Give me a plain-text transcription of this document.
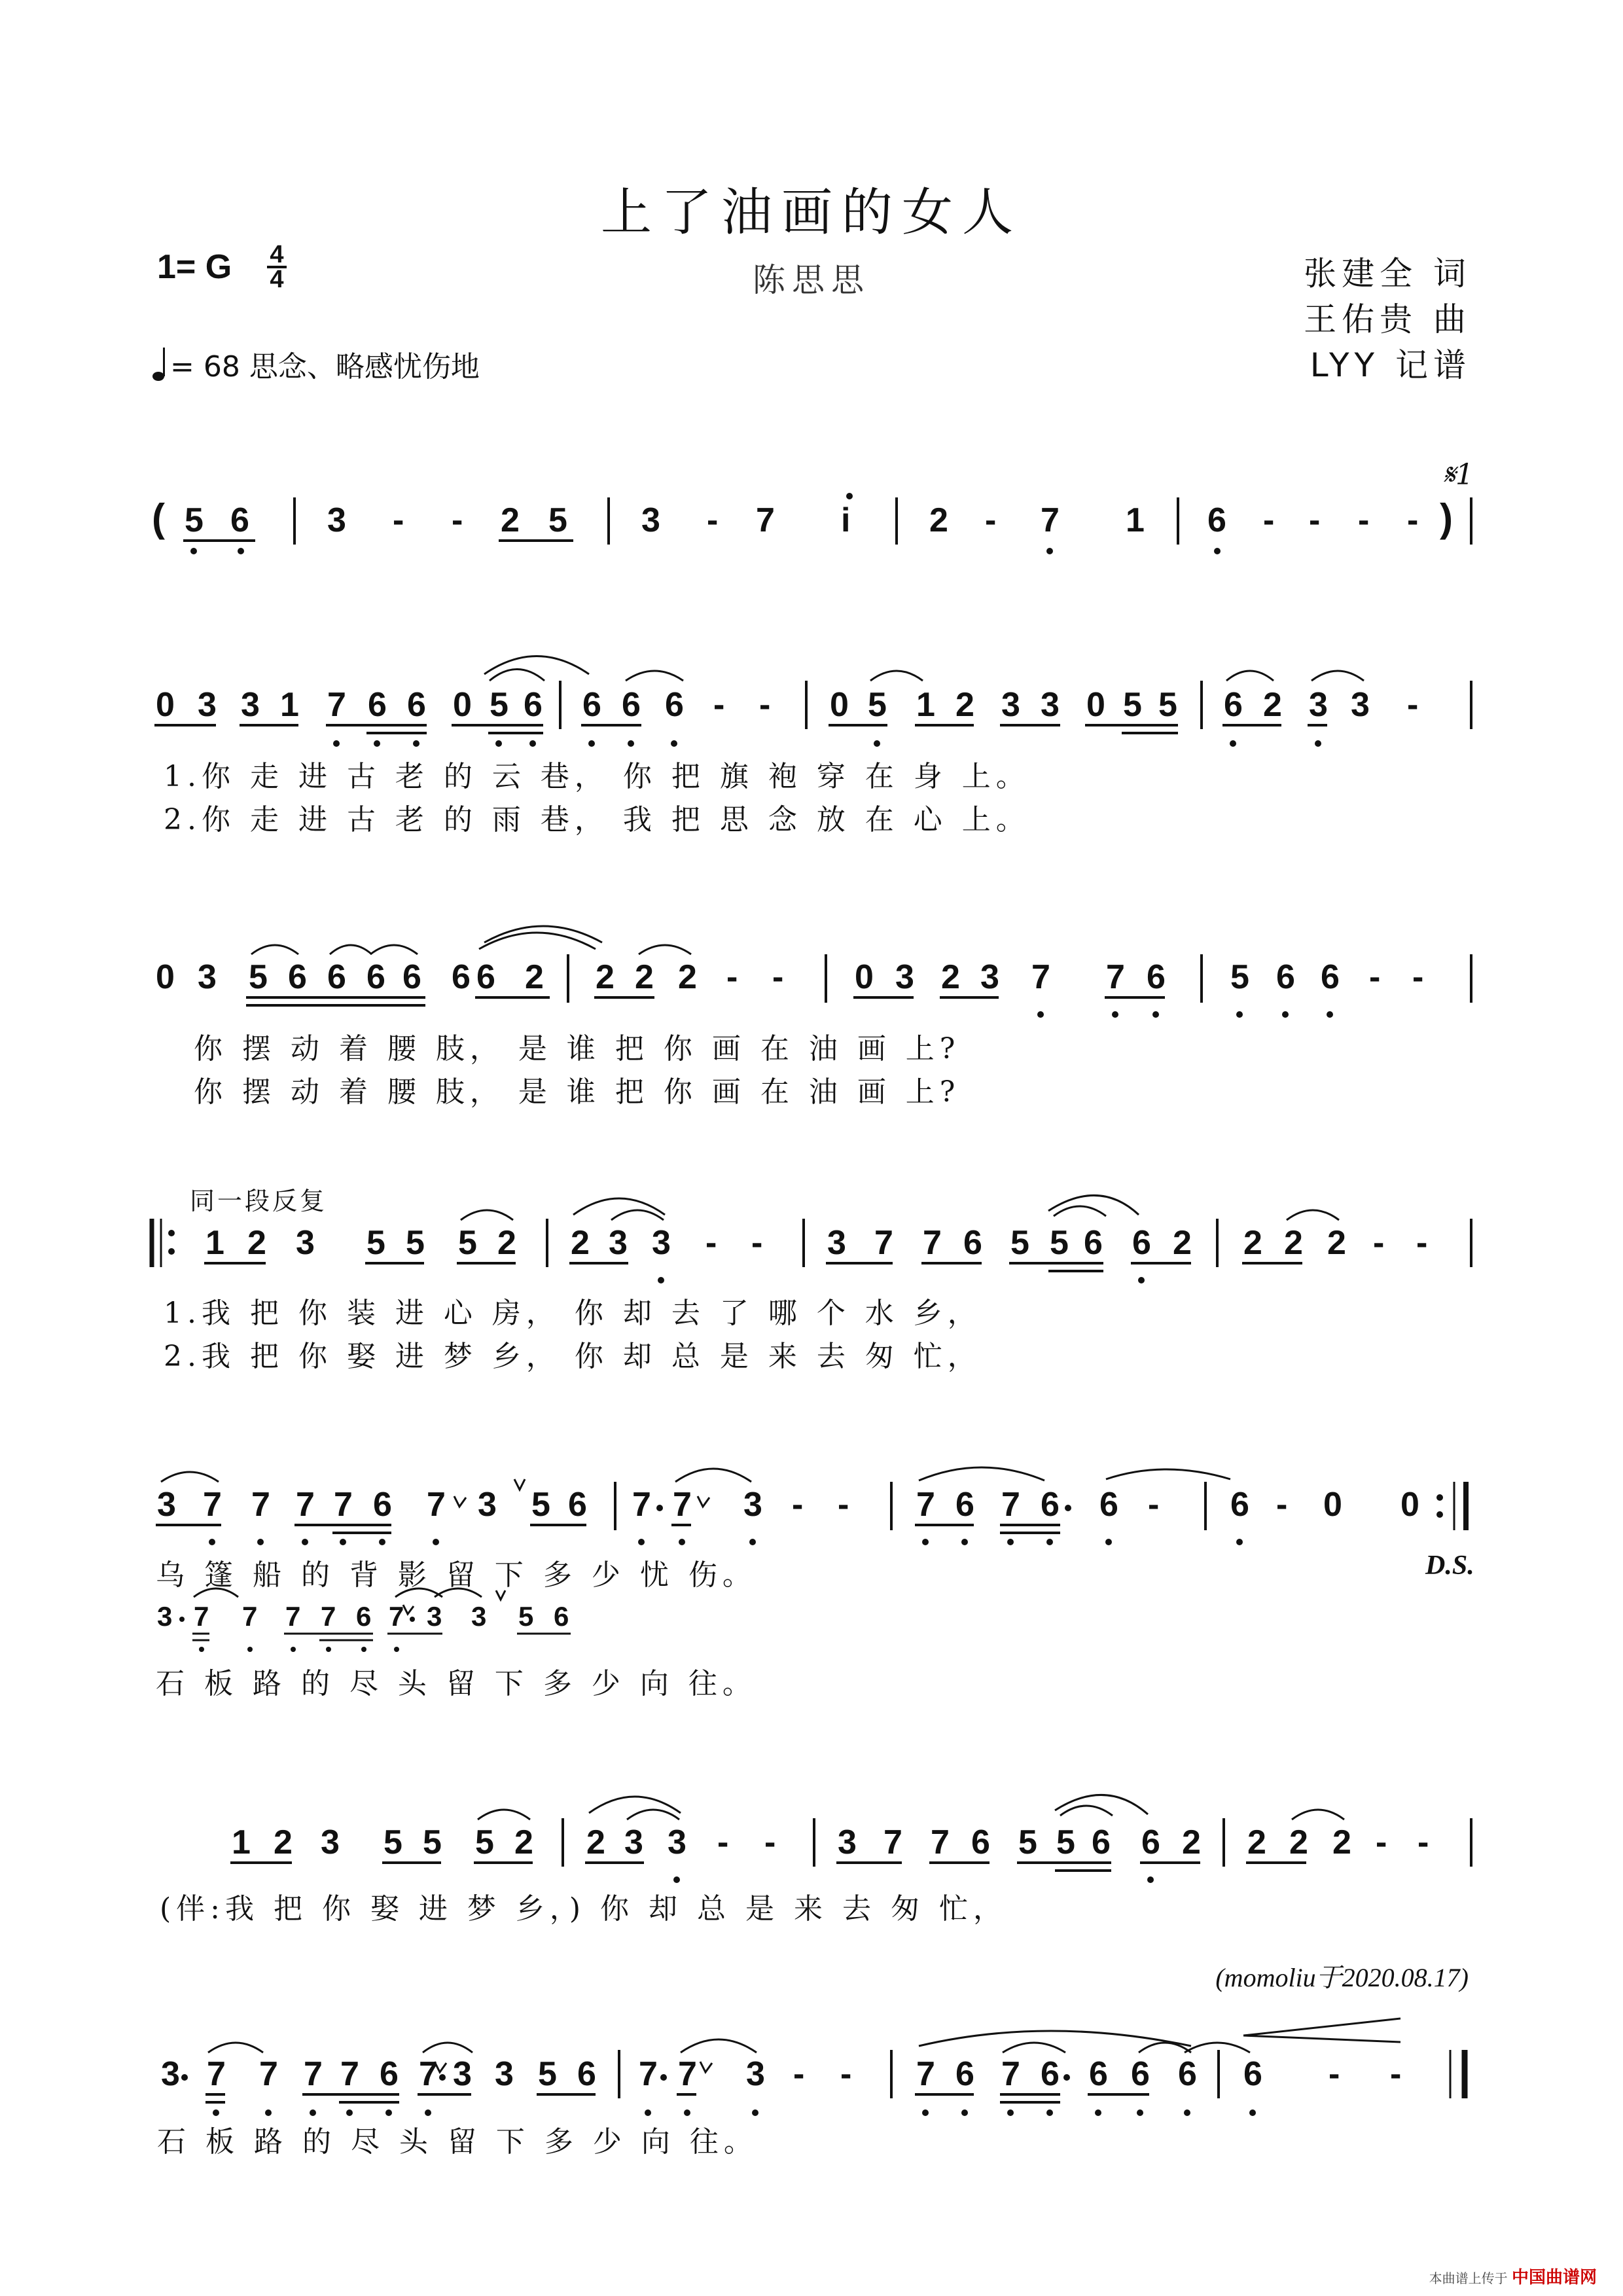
上了油画的女人
陈思思
1= G 4
4	张建全 词
王佑贵 曲
LYY 记谱
= 68 思念、略感忧伤地
( 5 6 3 - - 2 5 3 - 7 i 2 - 7 1 6 - - - - )
0 3 3 1 7 6 6 0 5 6 6 6 6 - - 0 5 1 2 3 3 0 5 5 6 2 3 3 -
0 3 5 6 6 6 6 6 6 2 2 2 2 - - 0 3 2 3 7 7 6 5 6 6 - -
1 2 3 5 5 5 2 2 3 3 - - 3 7 7 6 5 5 6 6 2 2 2 2 - -
3 7 7 7 7 6 7 3 5 6 7 7 3 - - 7 6 7 6 6 - 6 - 0 0
3 7 7 7 7 6 7 3 3 5 6
1 2 3 5 5 5 2 2 3 3 - - 3 7 7 6 5 5 6 6 2 2 2 2 - -
3 7 7 7 7 6 7 3 3 5 6 7 7 3 - - 7 6 7 6 6 6 6 6 - -
𝄋1
1.你 走 进 古 老 的 云 巷， 你 把 旗 袍 穿 在 身 上。
2.你 走 进 古 老 的 雨 巷， 我 把 思 念 放 在 心 上。
你 摆 动 着 腰 肢， 是 谁 把 你 画 在 油 画 上?
你 摆 动 着 腰 肢， 是 谁 把 你 画 在 油 画 上?
同一段反复
1.我 把 你 装 进 心 房， 你 却 去 了 哪 个 水 乡，
2.我 把 你 娶 进 梦 乡， 你 却 总 是 来 去 匆 忙，
乌 篷 船 的 背 影 留 下 多 少 忧 伤。	D.S.
石 板 路 的 尽 头 留 下 多 少 向 往。
(伴:我 把 你 娶 进 梦 乡，) 你 却 总 是 来 去 匆 忙，
(momoliu于2020.08.17)
石 板 路 的 尽 头 留 下 多 少 向 往。
本曲谱上传于 中国曲谱网
